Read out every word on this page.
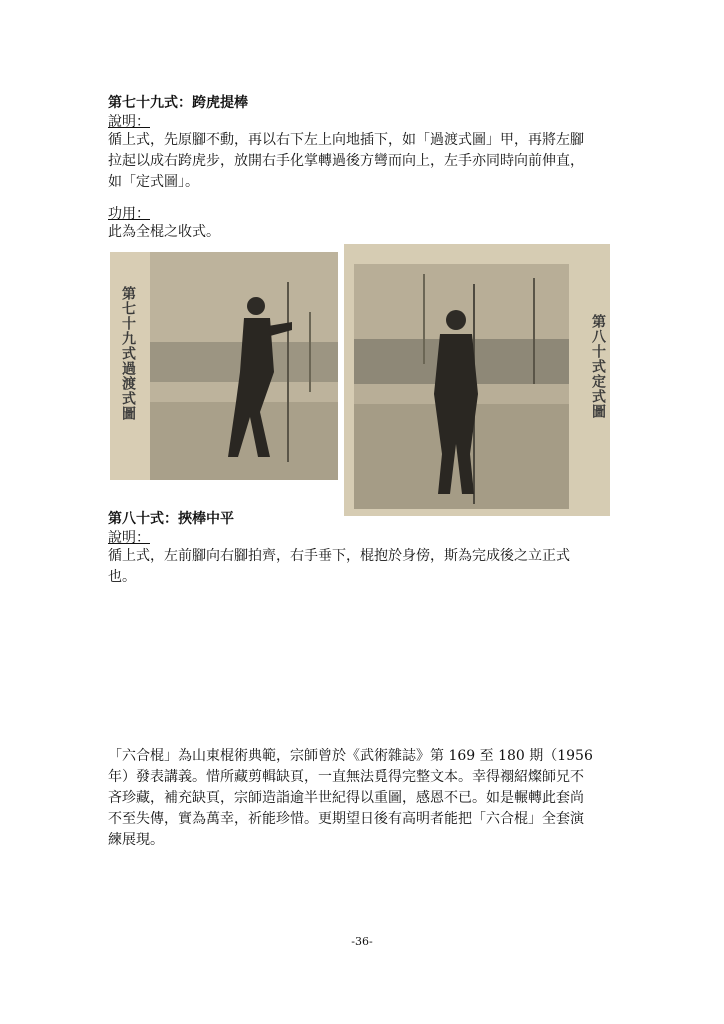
第七十九式：跨虎提棒
說明：
循上式，先原腳不動，再以右下左上向地插下，如「過渡式圖」甲，再將左腳
拉起以成右跨虎步，放開右手化掌轉過後方彎而向上，左手亦同時向前伸直，
如「定式圖」。
功用：
此為全棍之收式。
第七十九式過渡式圖	第八十式定式圖
第八十式：挾棒中平
說明：
循上式，左前腳向右腳拍齊，右手垂下，棍抱於身傍，斯為完成後之立正式
也。
「六合棍」為山東棍術典範，宗師曾於《武術雜誌》第 169 至 180 期（1956
年）發表講義。惜所藏剪輯缺頁，一直無法覓得完整文本。幸得禤紹燦師兄不
吝珍藏，補充缺頁，宗師造詣逾半世紀得以重圖，感恩不已。如是輾轉此套尚
不至失傳，實為萬幸，祈能珍惜。更期望日後有高明者能把「六合棍」全套演
練展現。
-36-
